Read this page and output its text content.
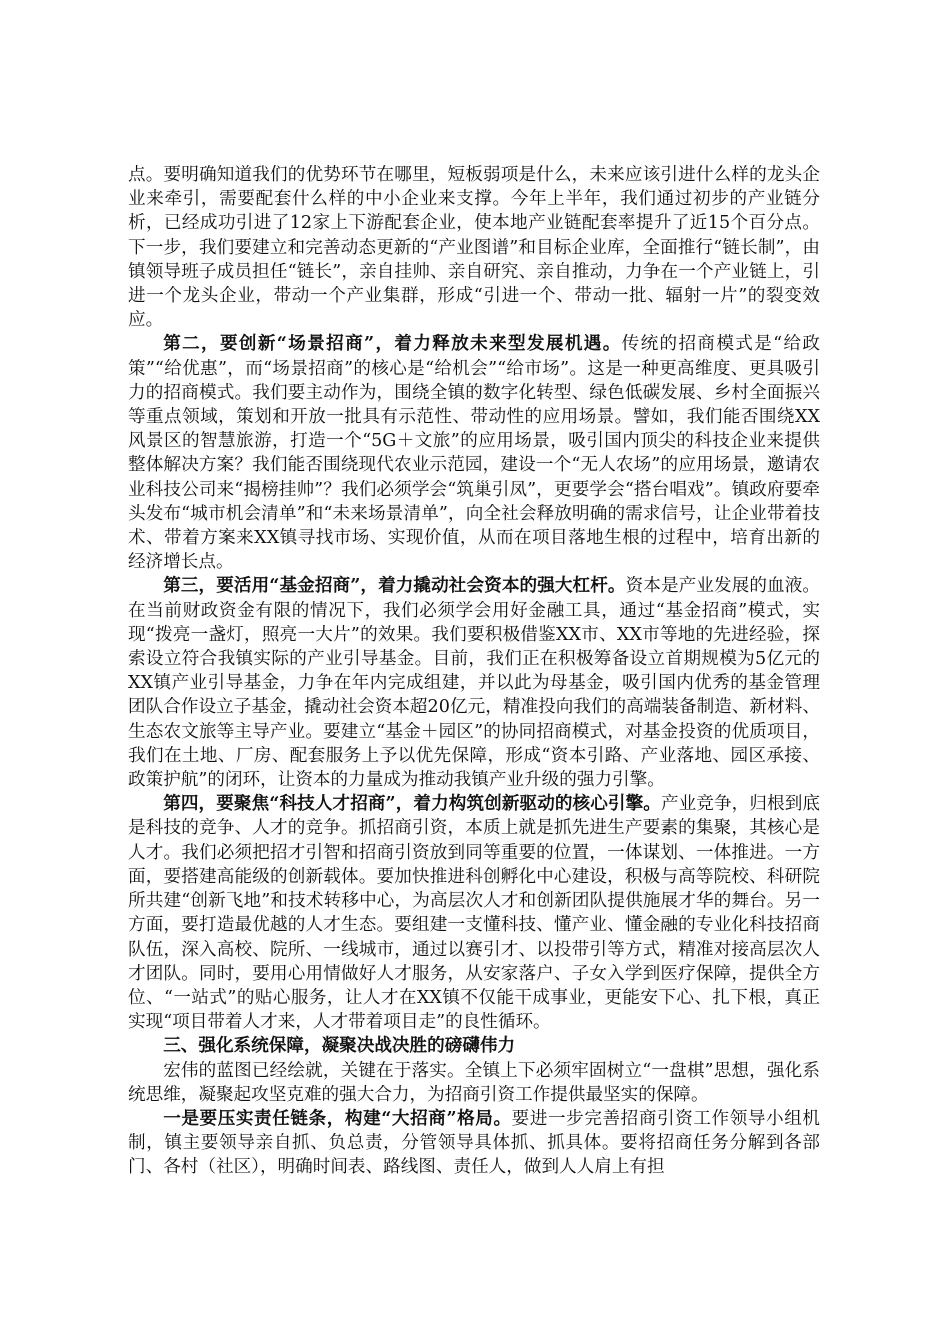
点。要明确知道我们的优势环节在哪里，短板弱项是什么，未来应该引进什么样的龙头企业来牵引，需要配套什么样的中小企业来支撑。今年上半年，我们通过初步的产业链分析，已经成功引进了12家上下游配套企业，使本地产业链配套率提升了近15个百分点。下一步，我们要建立和完善动态更新的“产业图谱”和目标企业库，全面推行“链长制”，由镇领导班子成员担任“链长”，亲自挂帅、亲自研究、亲自推动，力争在一个产业链上，引进一个龙头企业，带动一个产业集群，形成“引进一个、带动一批、辐射一片”的裂变效应。

第二，要创新“场景招商”，着力释放未来型发展机遇。传统的招商模式是“给政策”“给优惠”，而“场景招商”的核心是“给机会”“给市场”。这是一种更高维度、更具吸引力的招商模式。我们要主动作为，围绕全镇的数字化转型、绿色低碳发展、乡村全面振兴等重点领域，策划和开放一批具有示范性、带动性的应用场景。譬如，我们能否围绕XX风景区的智慧旅游，打造一个“5G＋文旅”的应用场景，吸引国内顶尖的科技企业来提供整体解决方案？我们能否围绕现代农业示范园，建设一个“无人农场”的应用场景，邀请农业科技公司来“揭榜挂帅”？我们必须学会“筑巢引凤”，更要学会“搭台唱戏”。镇政府要牵头发布“城市机会清单”和“未来场景清单”，向全社会释放明确的需求信号，让企业带着技术、带着方案来XX镇寻找市场、实现价值，从而在项目落地生根的过程中，培育出新的经济增长点。

第三，要活用“基金招商”，着力撬动社会资本的强大杠杆。资本是产业发展的血液。在当前财政资金有限的情况下，我们必须学会用好金融工具，通过“基金招商”模式，实现“拨亮一盏灯，照亮一大片”的效果。我们要积极借鉴XX市、XX市等地的先进经验，探索设立符合我镇实际的产业引导基金。目前，我们正在积极筹备设立首期规模为5亿元的XX镇产业引导基金，力争在年内完成组建，并以此为母基金，吸引国内优秀的基金管理团队合作设立子基金，撬动社会资本超20亿元，精准投向我们的高端装备制造、新材料、生态农文旅等主导产业。要建立“基金＋园区”的协同招商模式，对基金投资的优质项目，我们在土地、厂房、配套服务上予以优先保障，形成“资本引路、产业落地、园区承接、政策护航”的闭环，让资本的力量成为推动我镇产业升级的强力引擎。

第四，要聚焦“科技人才招商”，着力构筑创新驱动的核心引擎。产业竞争，归根到底是科技的竞争、人才的竞争。抓招商引资，本质上就是抓先进生产要素的集聚，其核心是人才。我们必须把招才引智和招商引资放到同等重要的位置，一体谋划、一体推进。一方面，要搭建高能级的创新载体。要加快推进科创孵化中心建设，积极与高等院校、科研院所共建“创新飞地”和技术转移中心，为高层次人才和创新团队提供施展才华的舞台。另一方面，要打造最优越的人才生态。要组建一支懂科技、懂产业、懂金融的专业化科技招商队伍，深入高校、院所、一线城市，通过以赛引才、以投带引等方式，精准对接高层次人才团队。同时，要用心用情做好人才服务，从安家落户、子女入学到医疗保障，提供全方位、“一站式”的贴心服务，让人才在XX镇不仅能干成事业，更能安下心、扎下根，真正实现“项目带着人才来，人才带着项目走”的良性循环。

三、强化系统保障，凝聚决战决胜的磅礴伟力

宏伟的蓝图已经绘就，关键在于落实。全镇上下必须牢固树立“一盘棋”思想，强化系统思维，凝聚起攻坚克难的强大合力，为招商引资工作提供最坚实的保障。

一是要压实责任链条，构建“大招商”格局。要进一步完善招商引资工作领导小组机制，镇主要领导亲自抓、负总责，分管领导具体抓、抓具体。要将招商任务分解到各部门、各村（社区），明确时间表、路线图、责任人，做到人人肩上有担
